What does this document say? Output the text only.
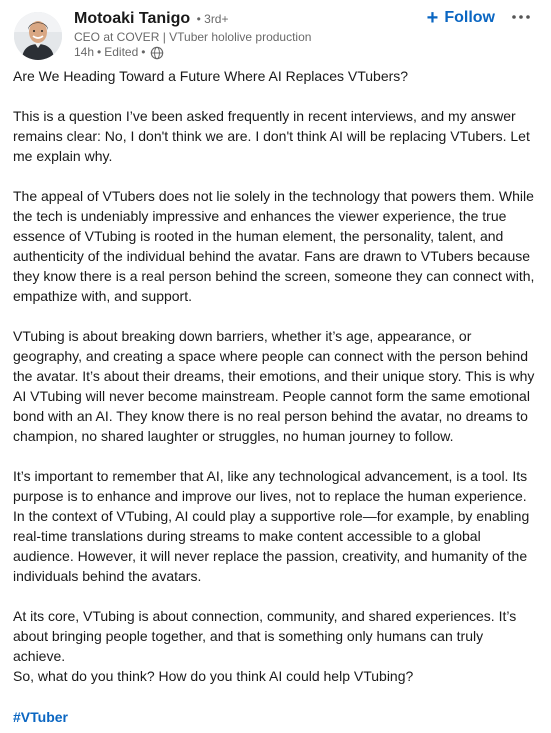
Motoaki Tanigo • 3rd+
CEO at COVER | VTuber hololive production
14h • Edited •
+ Follow

Are We Heading Toward a Future Where AI Replaces VTubers?

This is a question I’ve been asked frequently in recent interviews, and my answer remains clear: No, I don't think we are. I don't think AI will be replacing VTubers. Let me explain why.

The appeal of VTubers does not lie solely in the technology that powers them. While the tech is undeniably impressive and enhances the viewer experience, the true essence of VTubing is rooted in the human element, the personality, talent, and authenticity of the individual behind the avatar. Fans are drawn to VTubers because they know there is a real person behind the screen, someone they can connect with, empathize with, and support.

VTubing is about breaking down barriers, whether it’s age, appearance, or geography, and creating a space where people can connect with the person behind the avatar. It’s about their dreams, their emotions, and their unique story. This is why AI VTubing will never become mainstream. People cannot form the same emotional bond with an AI. They know there is no real person behind the avatar, no dreams to champion, no shared laughter or struggles, no human journey to follow.

It’s important to remember that AI, like any technological advancement, is a tool. Its purpose is to enhance and improve our lives, not to replace the human experience. In the context of VTubing, AI could play a supportive role—for example, by enabling real-time translations during streams to make content accessible to a global audience. However, it will never replace the passion, creativity, and humanity of the individuals behind the avatars.

At its core, VTubing is about connection, community, and shared experiences. It’s about bringing people together, and that is something only humans can truly achieve.

So, what do you think? How do you think AI could help VTubing?

#VTuber
